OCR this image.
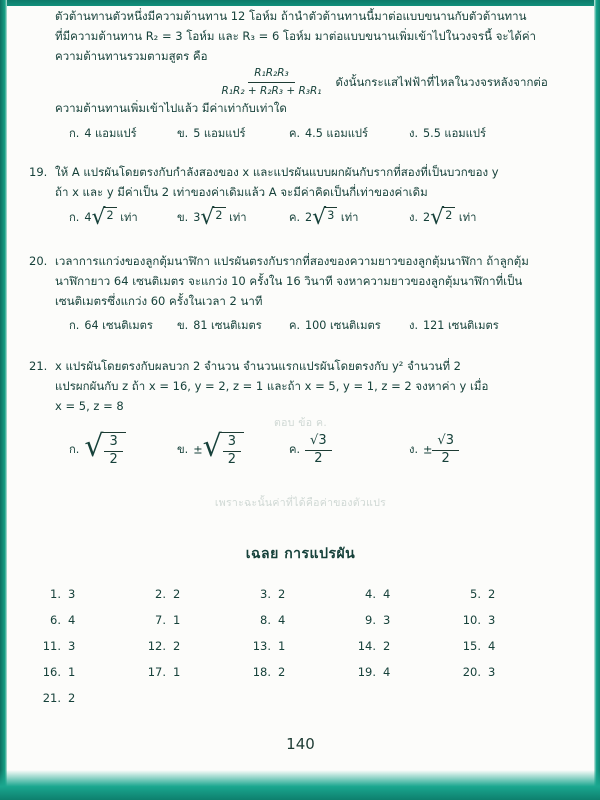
ตอบ ข้อ ค.
เพราะฉะนั้นค่าที่ได้คือค่าของตัวแปร
ตัวต้านทานตัวหนึ่งมีความต้านทาน 12 โอห์ม ถ้านำตัวต้านทานนี้มาต่อแบบขนานกับตัวต้านทาน
ที่มีความต้านทาน R₂ = 3 โอห์ม และ R₃ = 6 โอห์ม มาต่อแบบขนานเพิ่มเข้าไปในวงจรนี้ จะได้ค่า
ความต้านทานรวมตามสูตร คือ
$\frac{\text{R₁R₂R₃}}{\text{R₁R₂ + R₂R₃ + R₃R₁}}$ ดังนั้นกระแสไฟฟ้าที่ไหลในวงจรหลังจากต่อ
ความต้านทานเพิ่มเข้าไปแล้ว มีค่าเท่ากับเท่าใด
ก. 4 แอมแปร์	ข. 5 แอมแปร์	ค. 4.5 แอมแปร์	ง. 5.5 แอมแปร์
19. ให้ A แปรผันโดยตรงกับกำลังสองของ x และแปรผันแบบผกผันกับรากที่สองที่เป็นบวกของ y
ถ้า x และ y มีค่าเป็น 2 เท่าของค่าเดิมแล้ว A จะมีค่าคิดเป็นกี่เท่าของค่าเดิม
ก. 4 √ 2 เท่า	ข. 3 √ 2 เท่า	ค. 2 √ 3 เท่า	ง. 2 √ 2 เท่า
20. เวลาการแกว่งของลูกตุ้มนาฬิกา แปรผันตรงกับรากที่สองของความยาวของลูกตุ้มนาฬิกา ถ้าลูกตุ้ม
นาฬิกายาว 64 เซนติเมตร จะแกว่ง 10 ครั้งใน 16 วินาที จงหาความยาวของลูกตุ้มนาฬิกาที่เป็น
เซนติเมตรซึ่งแกว่ง 60 ครั้งในเวลา 2 นาที
ก. 64 เซนติเมตร	ข. 81 เซนติเมตร	ค. 100 เซนติเมตร	ง. 121 เซนติเมตร
21. x แปรผันโดยตรงกับผลบวก 2 จำนวน จำนวนแรกแปรผันโดยตรงกับ y² จำนวนที่ 2
แปรผกผันกับ z ถ้า x = 16, y = 2, z = 1 และถ้า x = 5, y = 1, z = 2 จงหาค่า y เมื่อ
x = 5, z = 8
ก. √ $\frac{3}{2}$	ข. ± √ $\frac{3}{2}$	ค. $\frac{√3}{2}$	ง. ± $\frac{√3}{2}$
เฉลย การแปรผัน
1. 3	2. 2	3. 2	4. 4	5. 2
6. 4	7. 1	8. 4	9. 3	10. 3
11. 3	12. 2	13. 1	14. 2	15. 4
16. 1	17. 1	18. 2	19. 4	20. 3
21. 2
140
